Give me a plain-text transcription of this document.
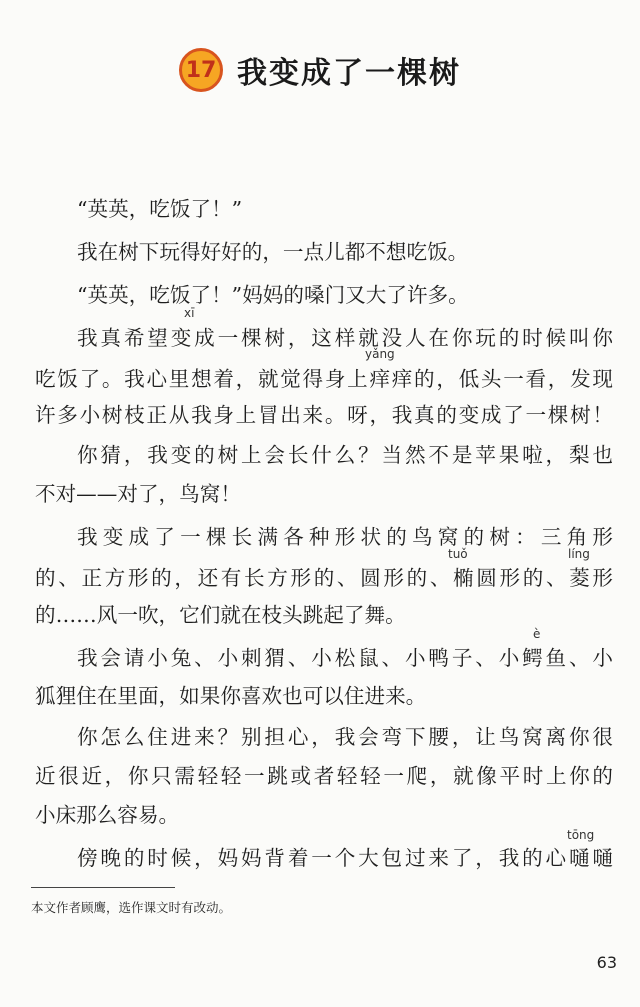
17 我变成了一棵树
“英英，吃饭了！”
我在树下玩得好好的，一点儿都不想吃饭。
“英英，吃饭了！”妈妈的嗓门又大了许多。
xī
我真希望变成一棵树，这样就没人在你玩的时候叫你
yǎng
吃饭了。我心里想着，就觉得身上痒痒的，低头一看，发现
许多小树枝正从我身上冒出来。呀，我真的变成了一棵树！
你猜，我变的树上会长什么？当然不是苹果啦，梨也
不对——对了，鸟窝！
我变成了一棵长满各种形状的鸟窝的树：三角形
tuǒ	líng
的、正方形的，还有长方形的、圆形的、椭圆形的、菱形
的……风一吹，它们就在枝头跳起了舞。
è
我会请小兔、小刺猬、小松鼠、小鸭子、小鳄鱼、小
狐狸住在里面，如果你喜欢也可以住进来。
你怎么住进来？别担心，我会弯下腰，让鸟窝离你很
近很近，你只需轻轻一跳或者轻轻一爬，就像平时上你的
小床那么容易。
tōng
傍晚的时候，妈妈背着一个大包过来了，我的心嗵嗵
本文作者顾鹰，选作课文时有改动。
63
